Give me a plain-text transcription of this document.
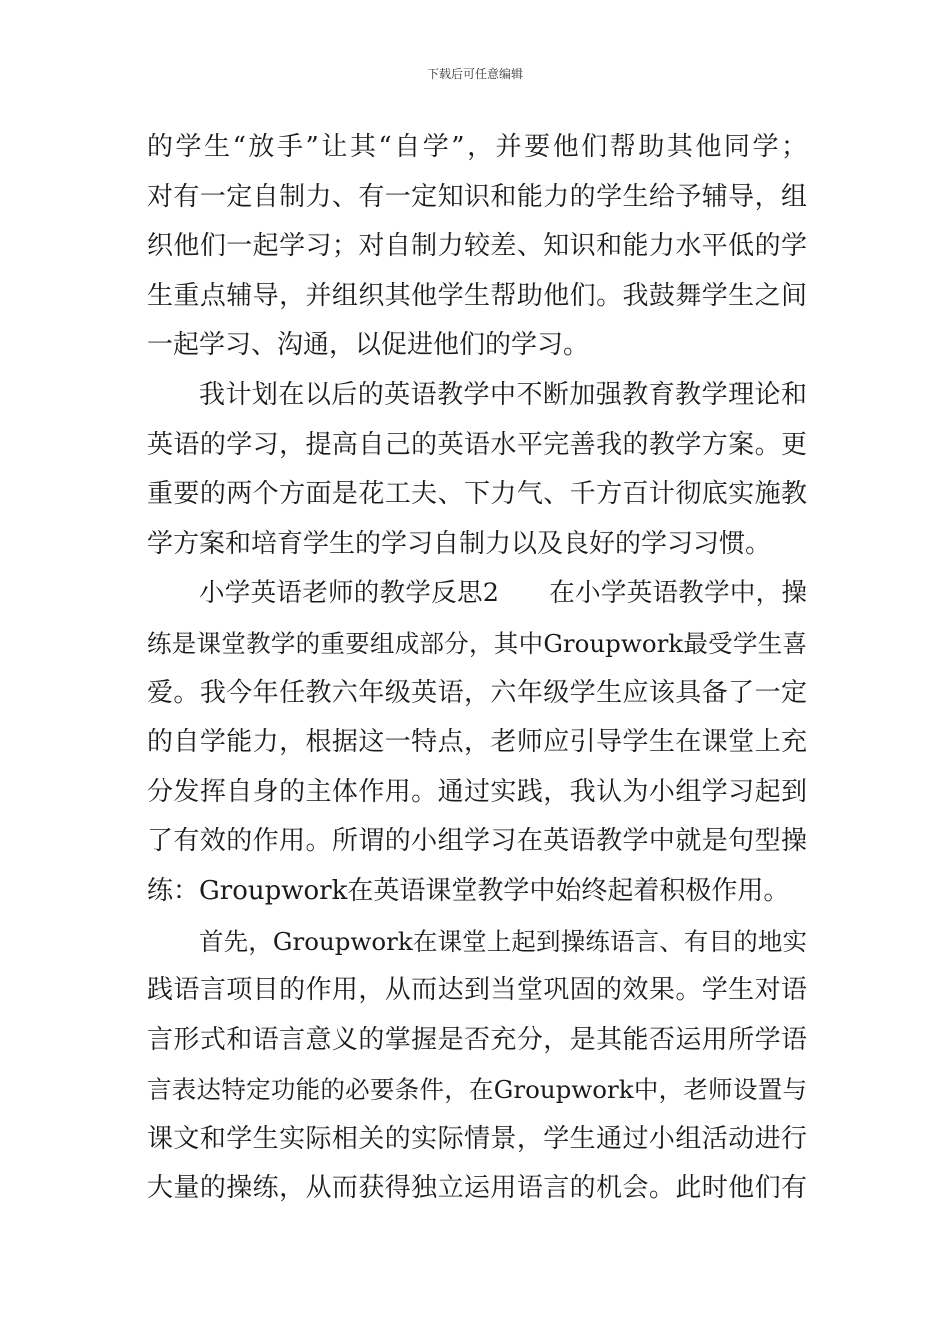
下载后可任意编辑
的学生“放手”让其“自学”，并要他们帮助其他同学；
对有一定自制力、有一定知识和能力的学生给予辅导，组
织他们一起学习；对自制力较差、知识和能力水平低的学
生重点辅导，并组织其他学生帮助他们。我鼓舞学生之间
一起学习、沟通，以促进他们的学习。
我计划在以后的英语教学中不断加强教育教学理论和
英语的学习，提高自己的英语水平完善我的教学方案。更
重要的两个方面是花工夫、下力气、千方百计彻底实施教
学方案和培育学生的学习自制力以及良好的学习习惯。
小学英语老师的教学反思2 在小学英语教学中，操
练是课堂教学的重要组成部分，其中Groupwork最受学生喜
爱。我今年任教六年级英语，六年级学生应该具备了一定
的自学能力，根据这一特点，老师应引导学生在课堂上充
分发挥自身的主体作用。通过实践，我认为小组学习起到
了有效的作用。所谓的小组学习在英语教学中就是句型操
练：Groupwork在英语课堂教学中始终起着积极作用。
首先，Groupwork在课堂上起到操练语言、有目的地实
践语言项目的作用，从而达到当堂巩固的效果。学生对语
言形式和语言意义的掌握是否充分，是其能否运用所学语
言表达特定功能的必要条件，在Groupwork中，老师设置与
课文和学生实际相关的实际情景，学生通过小组活动进行
大量的操练，从而获得独立运用语言的机会。此时他们有
